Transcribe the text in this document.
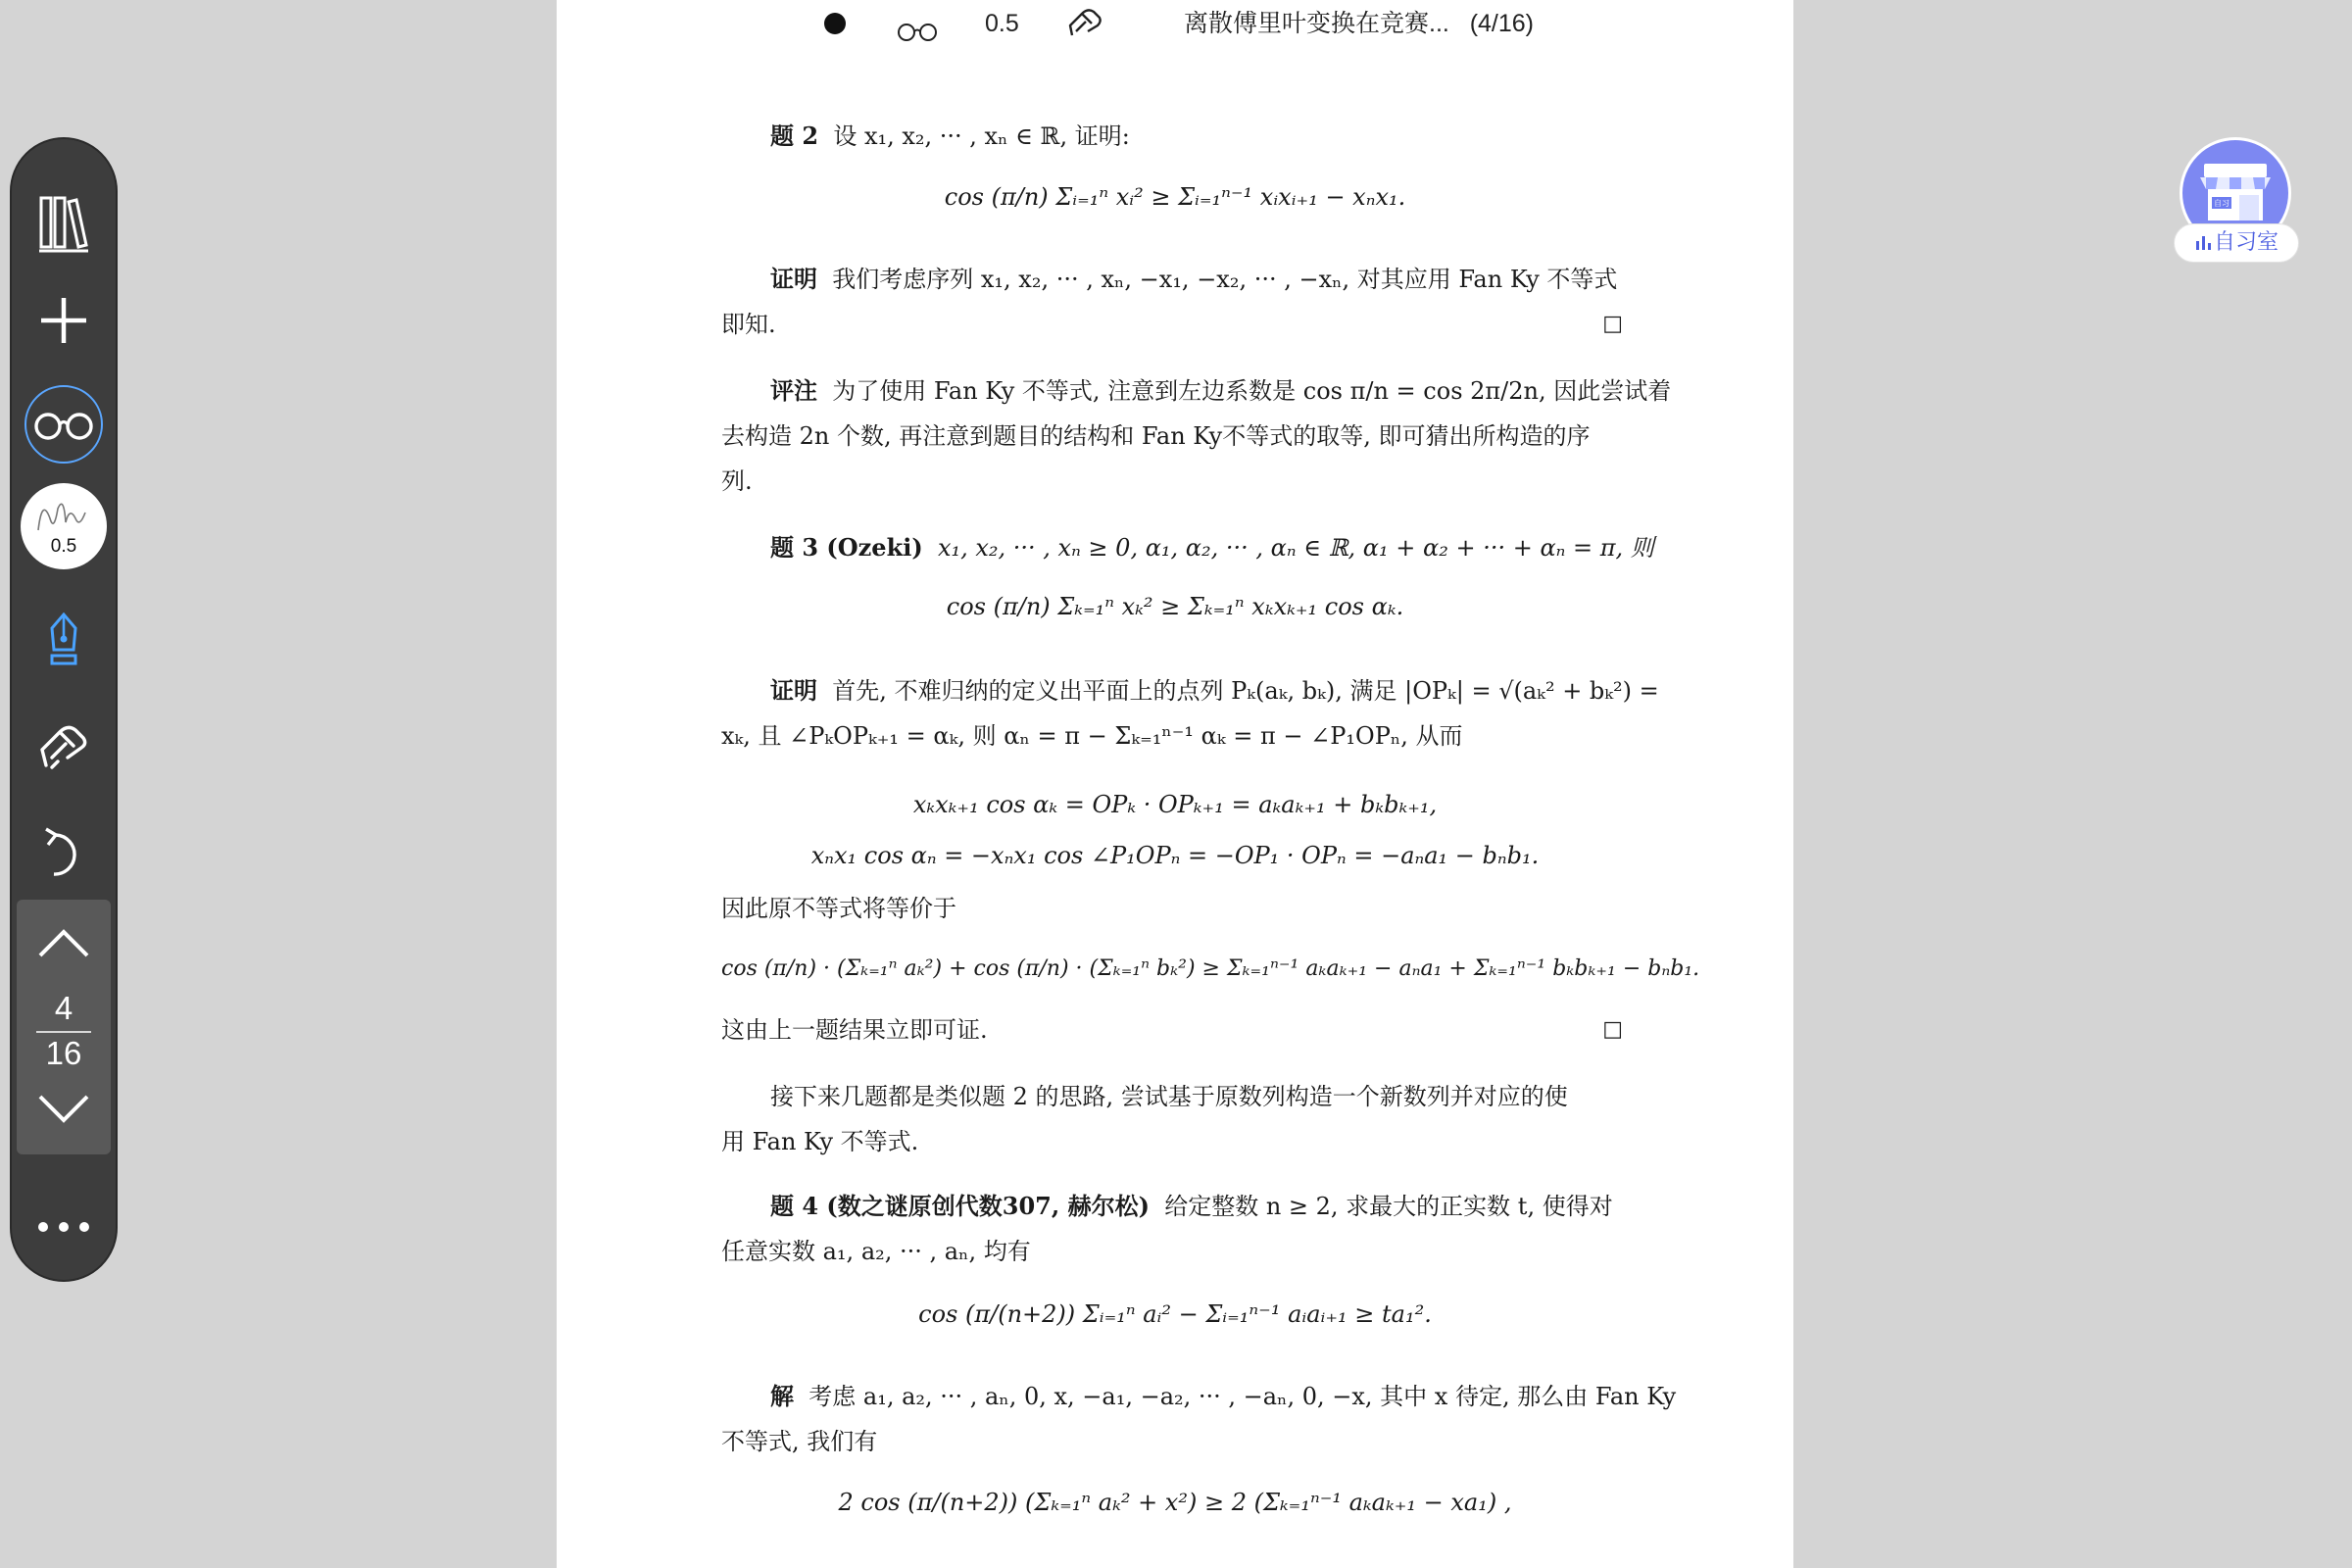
0.5	离散傅里叶变换在竞赛... (4/16)
0.5
4
16
自习
自习室
题 2 设 x₁, x₂, ··· , xₙ ∈ ℝ, 证明:
cos (π/n) Σᵢ₌₁ⁿ xᵢ² ≥ Σᵢ₌₁ⁿ⁻¹ xᵢxᵢ₊₁ − xₙx₁.
证明 我们考虑序列 x₁, x₂, ··· , xₙ, −x₁, −x₂, ··· , −xₙ, 对其应用 Fan Ky 不等式
即知.	□
评注 为了使用 Fan Ky 不等式, 注意到左边系数是 cos π/n = cos 2π/2n, 因此尝试着
去构造 2n 个数, 再注意到题目的结构和 Fan Ky不等式的取等, 即可猜出所构造的序
列.
题 3 (Ozeki) x₁, x₂, ··· , xₙ ≥ 0, α₁, α₂, ··· , αₙ ∈ ℝ, α₁ + α₂ + ··· + αₙ = π, 则
cos (π/n) Σₖ₌₁ⁿ xₖ² ≥ Σₖ₌₁ⁿ xₖxₖ₊₁ cos αₖ.
证明 首先, 不难归纳的定义出平面上的点列 Pₖ(aₖ, bₖ), 满足 |OPₖ| = √(aₖ² + bₖ²) =
xₖ, 且 ∠PₖOPₖ₊₁ = αₖ, 则 αₙ = π − Σₖ₌₁ⁿ⁻¹ αₖ = π − ∠P₁OPₙ, 从而
xₖxₖ₊₁ cos αₖ = OPₖ · OPₖ₊₁ = aₖaₖ₊₁ + bₖbₖ₊₁,
xₙx₁ cos αₙ = −xₙx₁ cos ∠P₁OPₙ = −OP₁ · OPₙ = −aₙa₁ − bₙb₁.
因此原不等式将等价于
cos (π/n) · (Σₖ₌₁ⁿ aₖ²) + cos (π/n) · (Σₖ₌₁ⁿ bₖ²) ≥ Σₖ₌₁ⁿ⁻¹ aₖaₖ₊₁ − aₙa₁ + Σₖ₌₁ⁿ⁻¹ bₖbₖ₊₁ − bₙb₁.
这由上一题结果立即可证.	□
接下来几题都是类似题 2 的思路, 尝试基于原数列构造一个新数列并对应的使
用 Fan Ky 不等式.
题 4 (数之谜原创代数307, 赫尔松) 给定整数 n ≥ 2, 求最大的正实数 t, 使得对
任意实数 a₁, a₂, ··· , aₙ, 均有
cos (π/(n+2)) Σᵢ₌₁ⁿ aᵢ² − Σᵢ₌₁ⁿ⁻¹ aᵢaᵢ₊₁ ≥ ta₁².
解 考虑 a₁, a₂, ··· , aₙ, 0, x, −a₁, −a₂, ··· , −aₙ, 0, −x, 其中 x 待定, 那么由 Fan Ky
不等式, 我们有
2 cos (π/(n+2)) (Σₖ₌₁ⁿ aₖ² + x²) ≥ 2 (Σₖ₌₁ⁿ⁻¹ aₖaₖ₊₁ − xa₁) ,
